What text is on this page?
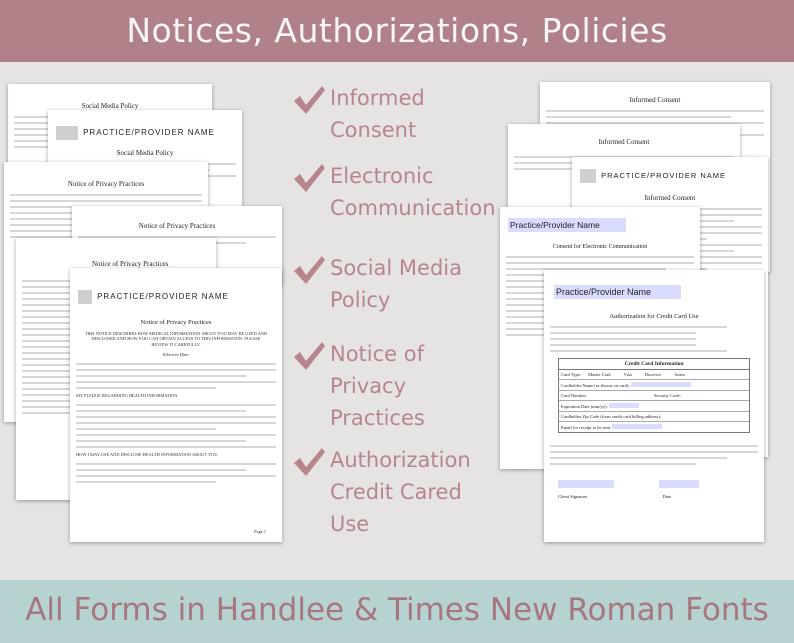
Notices, Authorizations, Policies
Social Media Policy
PRACTICE/PROVIDER NAME
Social Media Policy
Notice of Privacy Practices
Notice of Privacy Practices
Notice of Privacy Practices
PRACTICE/PROVIDER NAME
Notice of Privacy Practices
THIS NOTICE DESCRIBES HOW MEDICAL INFORMATION ABOUT YOU MAY BE USED AND DISCLOSED AND HOW YOU CAN OBTAIN ACCESS TO THIS INFORMATION. PLEASE REVIEW IT CAREFULLY.
Effective Date:
MY PLEDGE REGARDING HEALTH INFORMATION
HOW I MAY USE AND DISCLOSE HEALTH INFORMATION ABOUT YOU
Page 1
Informed
Consent
Electronic
Communication
Social Media
Policy
Notice of
Privacy
Practices
Authorization
Credit Cared
Use
Informed Consent
Informed Consent
PRACTICE/PROVIDER NAME
Informed Consent
Practice/Provider Name
Consent for Electronic Communication
Practice/Provider Name
Authorization for Credit Card Use
Credit Card Information
Card Type: Master Card	Visa	Discover	Amex
Cardholder Name (as shown on card):
Card Number:	Security Code:
Expiration Date (mm/yy):
Cardholder Zip Code (from credit card billing address):
Email for receipt to be sent:

Client Signature	Date
All Forms in Handlee & Times New Roman Fonts
